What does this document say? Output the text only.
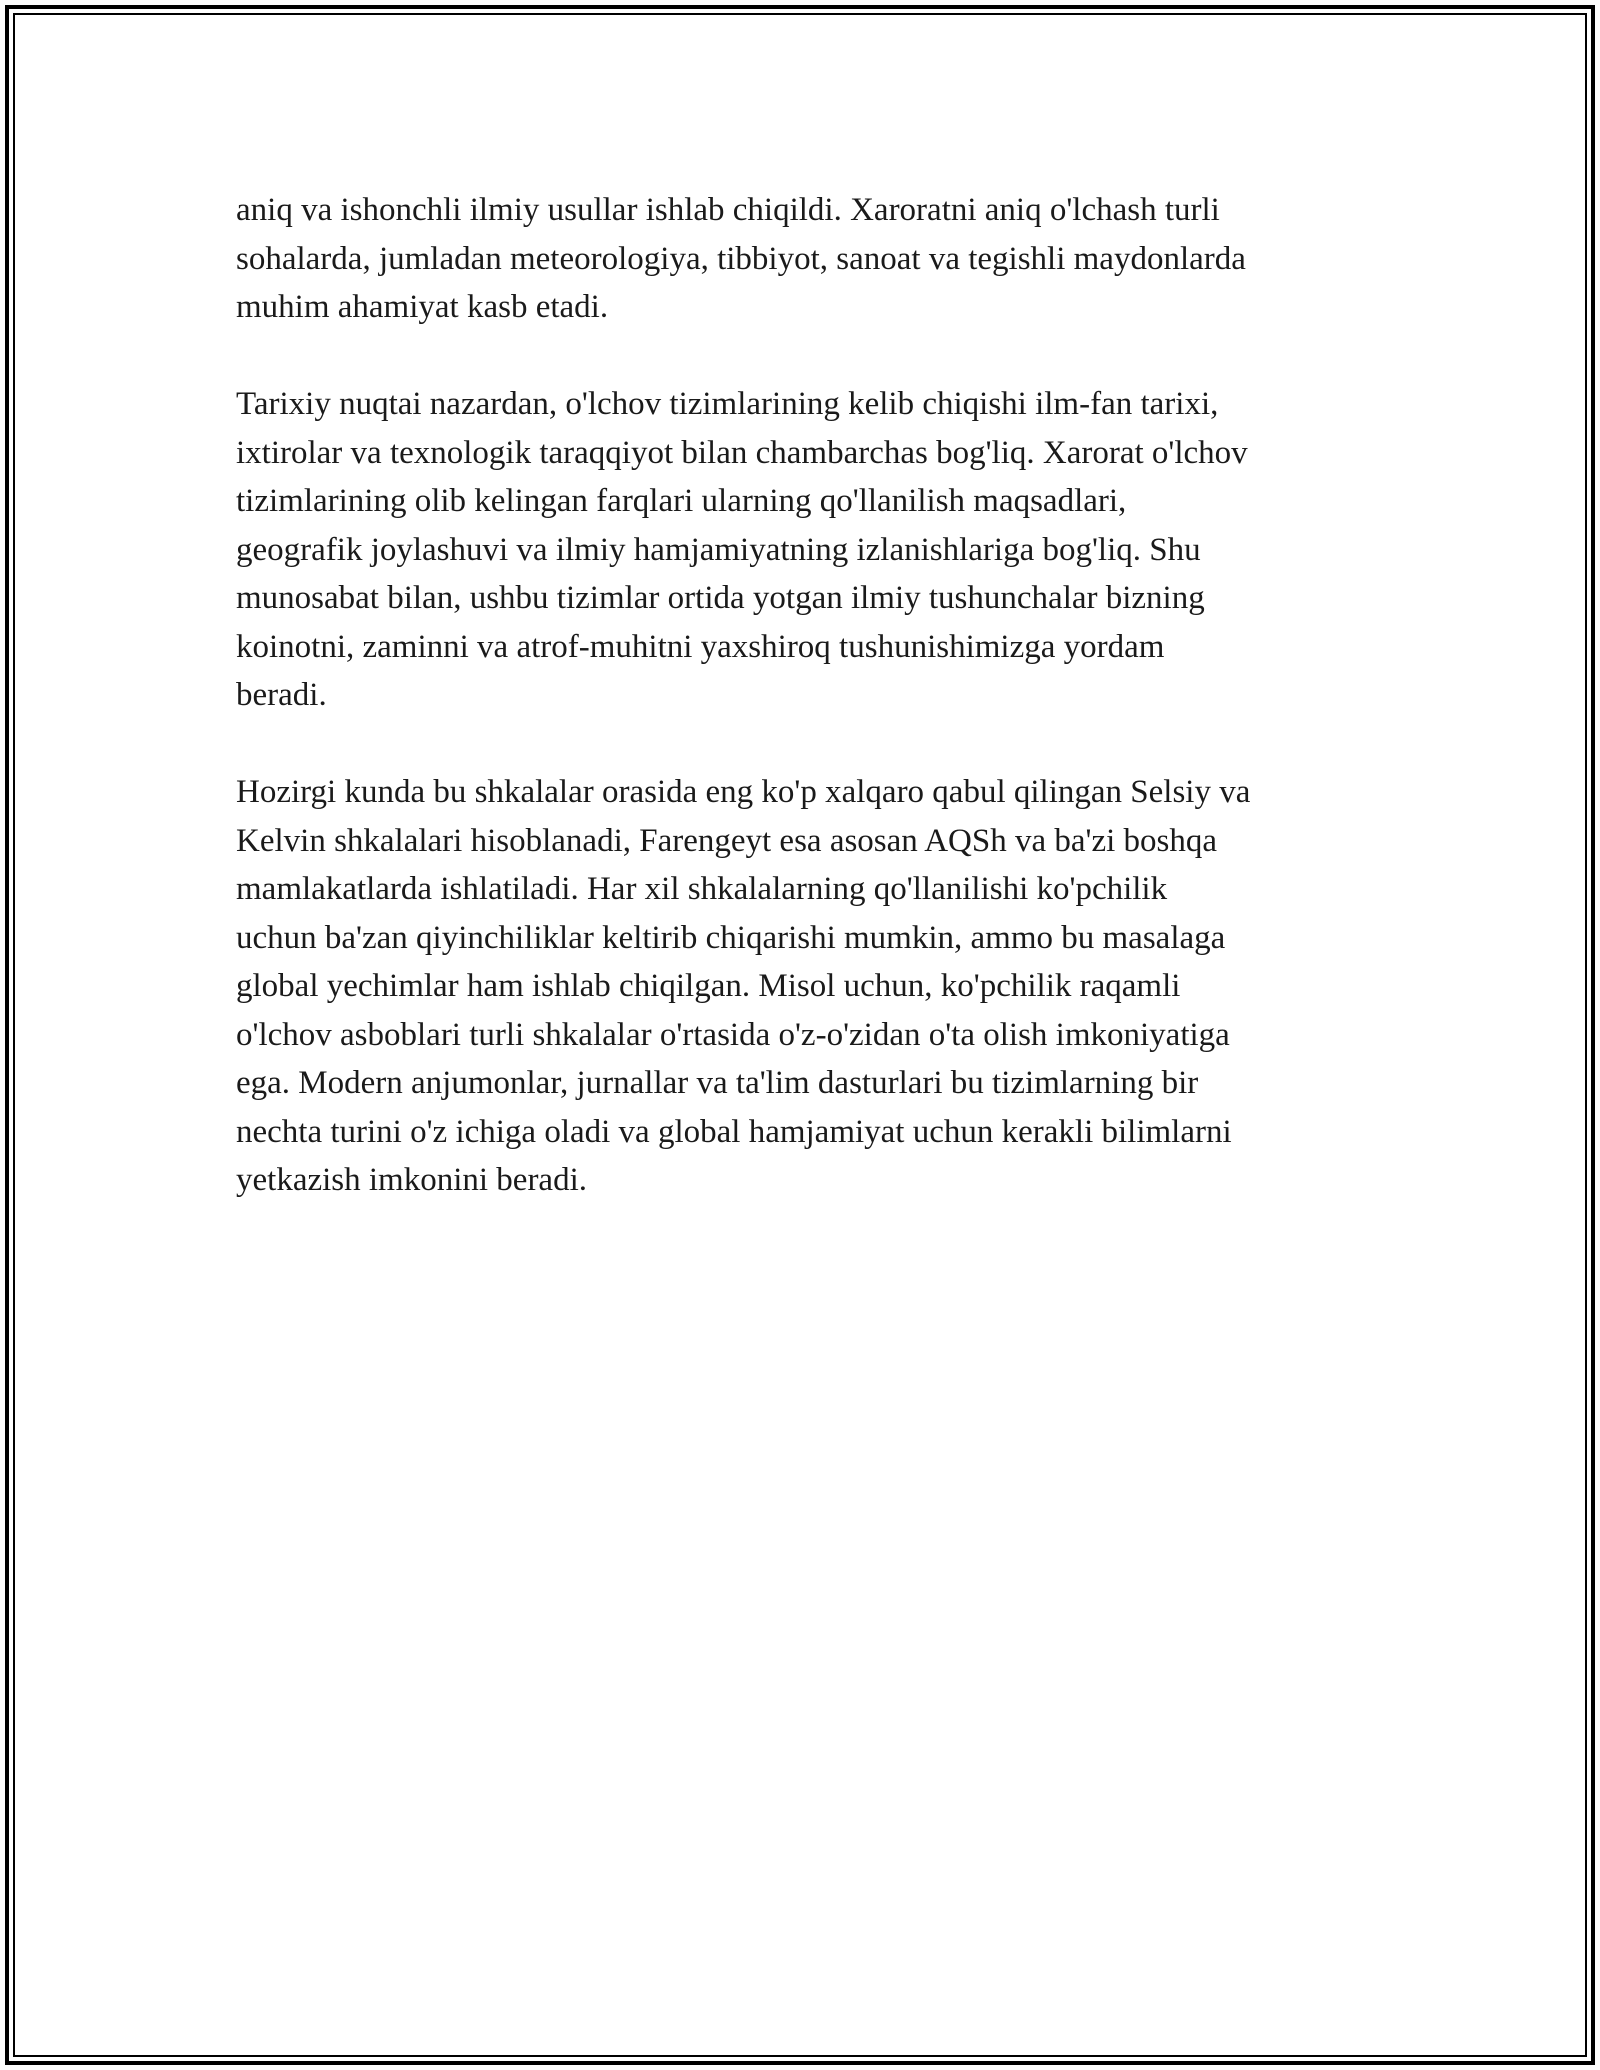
aniq va ishonchli ilmiy usullar ishlab chiqildi. Xaroratni aniq o'lchash turli
sohalarda, jumladan meteorologiya, tibbiyot, sanoat va tegishli maydonlarda
muhim ahamiyat kasb etadi.

Tarixiy nuqtai nazardan, o'lchov tizimlarining kelib chiqishi ilm-fan tarixi,
ixtirolar va texnologik taraqqiyot bilan chambarchas bog'liq. Xarorat o'lchov
tizimlarining olib kelingan farqlari ularning qo'llanilish maqsadlari,
geografik joylashuvi va ilmiy hamjamiyatning izlanishlariga bog'liq. Shu
munosabat bilan, ushbu tizimlar ortida yotgan ilmiy tushunchalar bizning
koinotni, zaminni va atrof-muhitni yaxshiroq tushunishimizga yordam
beradi.

Hozirgi kunda bu shkalalar orasida eng ko'p xalqaro qabul qilingan Selsiy va
Kelvin shkalalari hisoblanadi, Farengeyt esa asosan AQSh va ba'zi boshqa
mamlakatlarda ishlatiladi. Har xil shkalalarning qo'llanilishi ko'pchilik
uchun ba'zan qiyinchiliklar keltirib chiqarishi mumkin, ammo bu masalaga
global yechimlar ham ishlab chiqilgan. Misol uchun, ko'pchilik raqamli
o'lchov asboblari turli shkalalar o'rtasida o'z-o'zidan o'ta olish imkoniyatiga
ega. Modern anjumonlar, jurnallar va ta'lim dasturlari bu tizimlarning bir
nechta turini o'z ichiga oladi va global hamjamiyat uchun kerakli bilimlarni
yetkazish imkonini beradi.
